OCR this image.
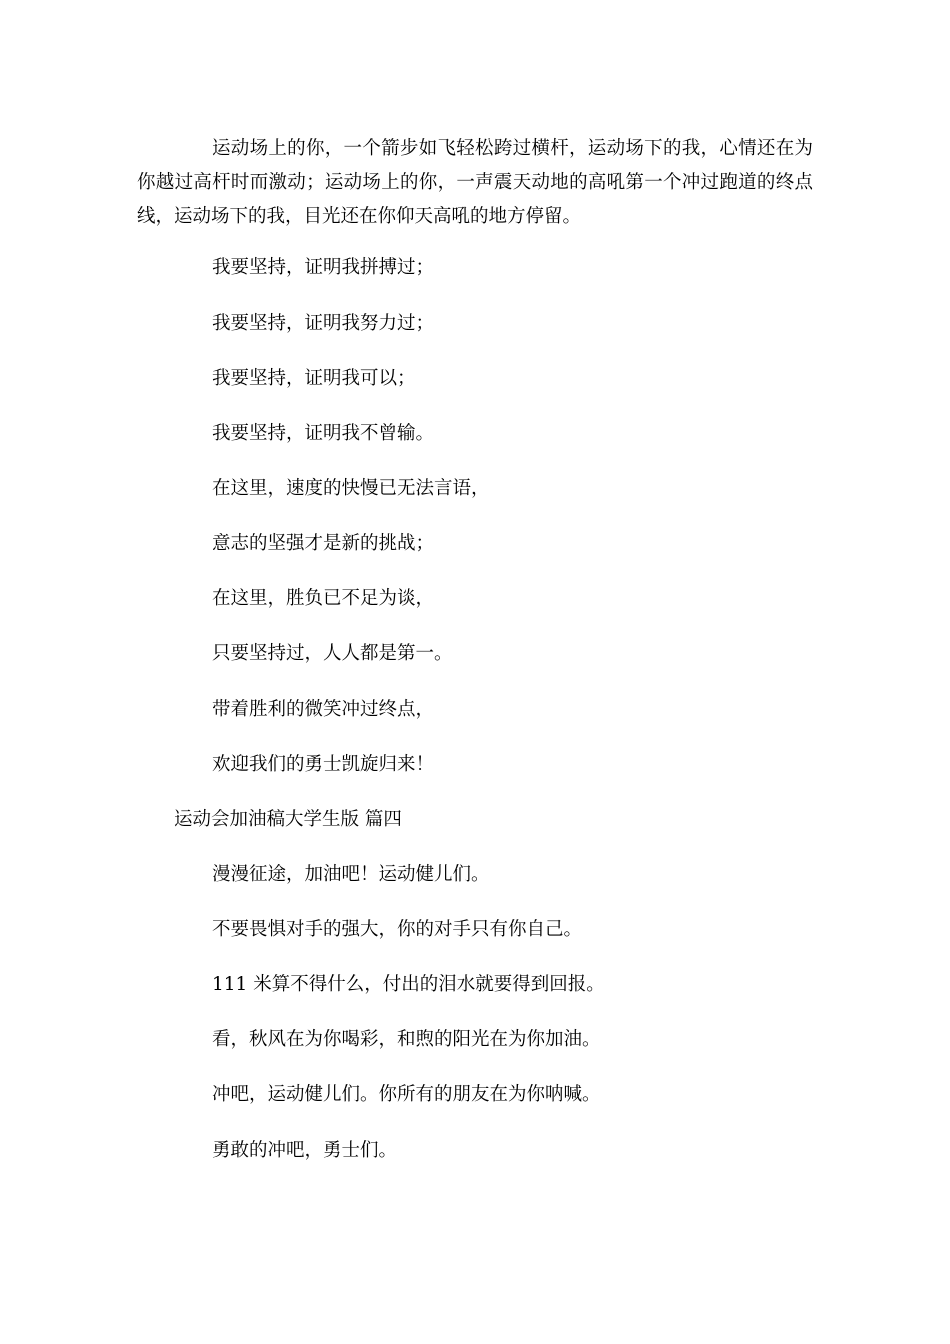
运动场上的你，一个箭步如飞轻松跨过横杆，运动场下的我，心情还在为你越过高杆时而激动；运动场上的你，一声震天动地的高吼第一个冲过跑道的终点线，运动场下的我，目光还在你仰天高吼的地方停留。

我要坚持，证明我拼搏过；

我要坚持，证明我努力过；

我要坚持，证明我可以；

我要坚持，证明我不曾输。

在这里，速度的快慢已无法言语，

意志的坚强才是新的挑战；

在这里，胜负已不足为谈，

只要坚持过，人人都是第一。

带着胜利的微笑冲过终点，

欢迎我们的勇士凯旋归来！

运动会加油稿大学生版 篇四

漫漫征途，加油吧！运动健儿们。

不要畏惧对手的强大，你的对手只有你自己。

111 米算不得什么，付出的泪水就要得到回报。

看，秋风在为你喝彩，和煦的阳光在为你加油。

冲吧，运动健儿们。你所有的朋友在为你呐喊。

勇敢的冲吧，勇士们。
